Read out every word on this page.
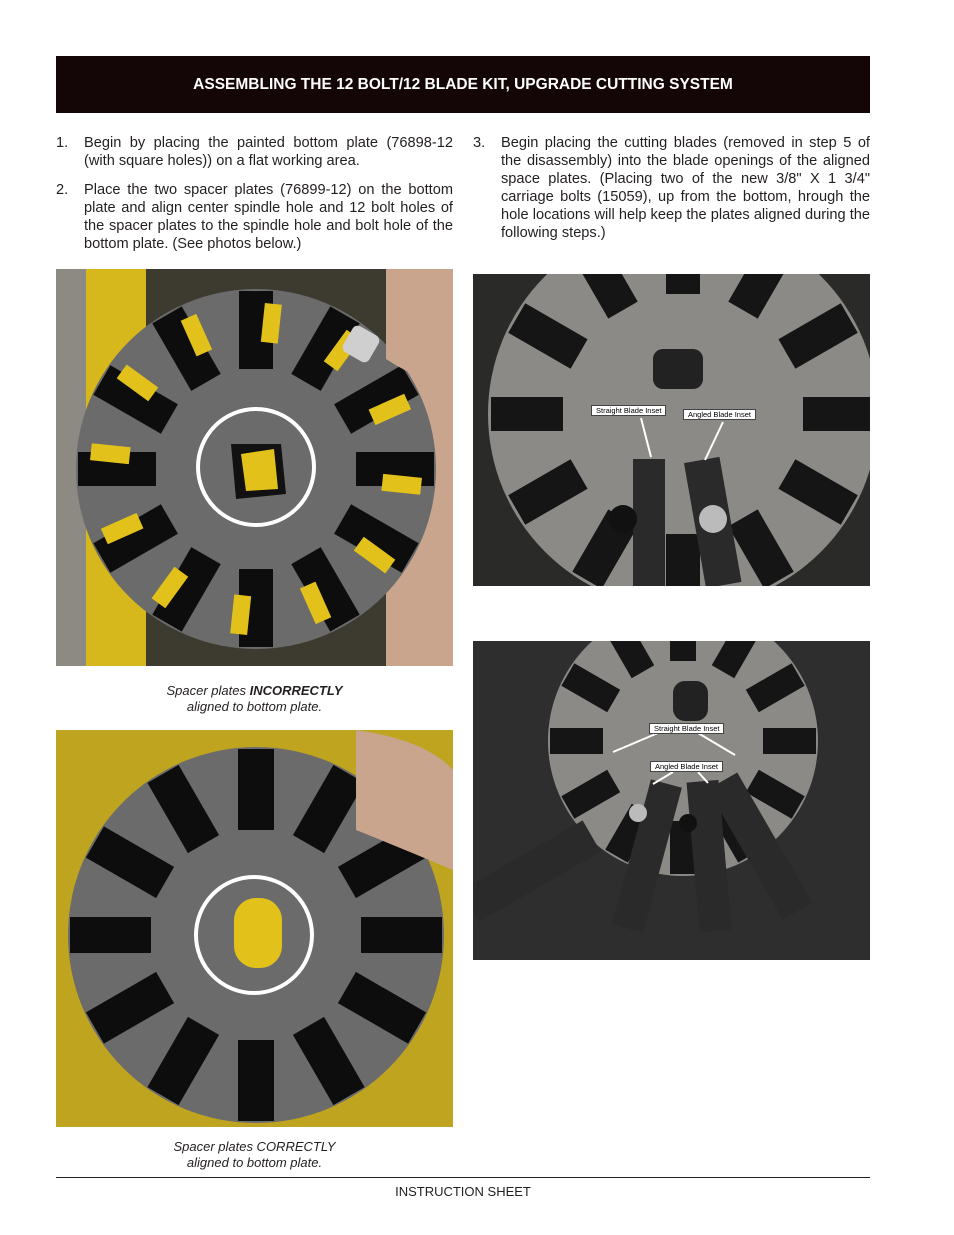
ASSEMBLING THE 12 BOLT/12 BLADE KIT, UPGRADE CUTTING SYSTEM
1. Begin by placing the painted bottom plate (76898-12 (with square holes)) on a flat working area.
2. Place the two spacer plates (76899-12) on the bottom plate and align center spindle hole and 12 bolt holes of the spacer plates to the spindle hole and bolt hole of the bottom plate. (See photos below.)
3. Begin placing the cutting blades (removed in step 5 of the disassembly) into the blade openings of the aligned space plates. (Placing two of the new 3/8" X 1 3/4" carriage bolts (15059), up from the bottom, hrough the hole locations will help keep the plates aligned during the following steps.)
Spacer plates INCORRECTLY
aligned to bottom plate.
Spacer plates CORRECTLY
aligned to bottom plate.
Straight Blade Inset	Angled Blade Inset
Straight Blade Inset
Angled Blade Inset
INSTRUCTION SHEET
